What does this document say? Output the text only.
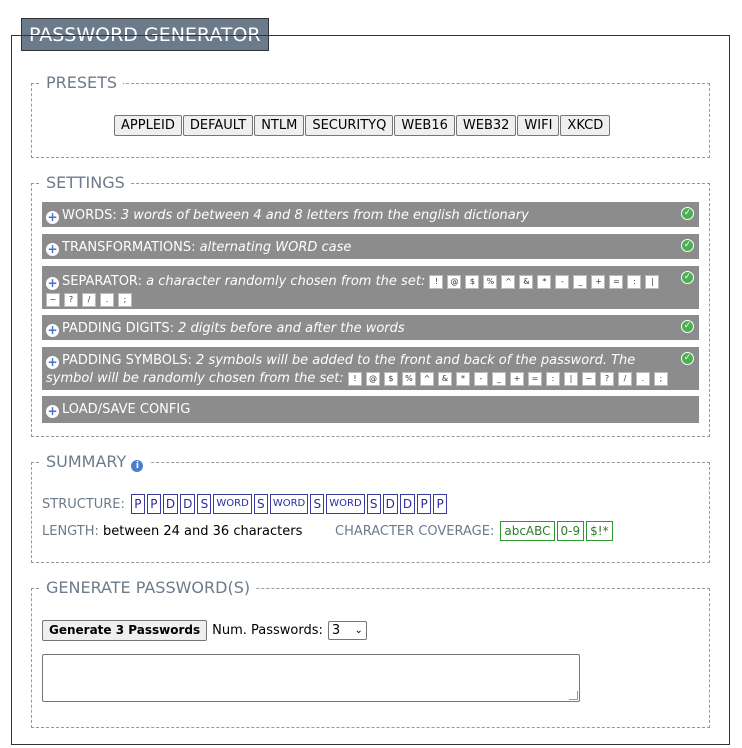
PASSWORD GENERATOR
PRESETS
APPLEID	DEFAULT	NTLM	SECURITYQ	WEB16	WEB32	WIFI	XKCD
SETTINGS
+ WORDS: 3 words of between 4 and 8 letters from the english dictionary	✓
+ TRANSFORMATIONS: alternating WORD case	✓
+ SEPARATOR: a character randomly chosen from the set: ! @ $ % ^ & * - _ + = : |~ ? / . ;
✓
+ PADDING DIGITS: 2 digits before and after the words	✓
+ PADDING SYMBOLS: 2 symbols will be added to the front and back of the password. The symbol will be randomly chosen from the set: ! @ $ % ^ & * - _ + = : | ~ ? / . ;
✓
+ LOAD/SAVE CONFIG
SUMMARY i
STRUCTURE: P P D D S WORD S WORD S WORD S D D P P
LENGTH: between 24 and 36 characters	CHARACTER COVERAGE: abcABC 0-9 $!*
GENERATE PASSWORD(S)
Generate 3 Passwords Num. Passwords: 3 ⌄
